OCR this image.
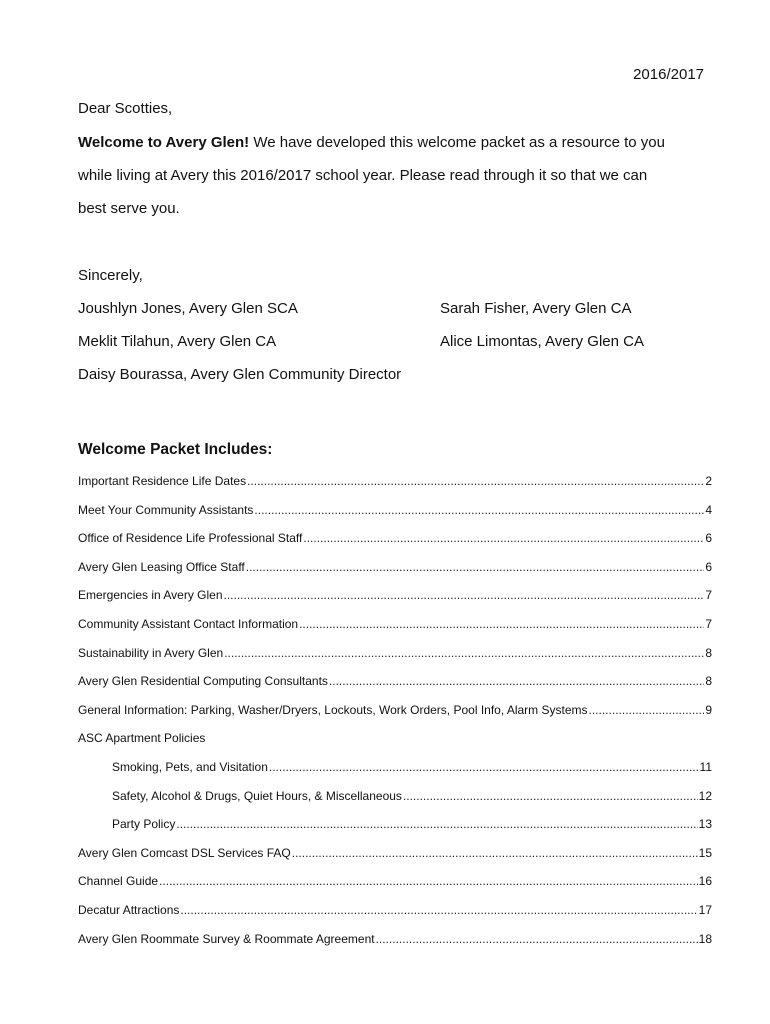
2016/2017
Dear Scotties,
Welcome to Avery Glen! We have developed this welcome packet as a resource to you
while living at Avery this 2016/2017 school year. Please read through it so that we can
best serve you.
Sincerely,
Joushlyn Jones, Avery Glen SCA
Meklit Tilahun, Avery Glen CA
Daisy Bourassa, Avery Glen Community Director
Sarah Fisher, Avery Glen CA
Alice Limontas, Avery Glen CA
Welcome Packet Includes:
Important Residence Life Dates .....	2
Meet Your Community Assistants .....	4
Office of Residence Life Professional Staff .....	6
Avery Glen Leasing Office Staff .....	6
Emergencies in Avery Glen .....	7
Community Assistant Contact Information .....	7
Sustainability in Avery Glen .....	8
Avery Glen Residential Computing Consultants .....	8
General Information: Parking, Washer/Dryers, Lockouts, Work Orders, Pool Info, Alarm Systems .....	9
ASC Apartment Policies
Smoking, Pets, and Visitation .....	11
Safety, Alcohol & Drugs, Quiet Hours, & Miscellaneous .....	12
Party Policy .....	13
Avery Glen Comcast DSL Services FAQ .....	15
Channel Guide .....	16
Decatur Attractions .....	17
Avery Glen Roommate Survey & Roommate Agreement .....	18
